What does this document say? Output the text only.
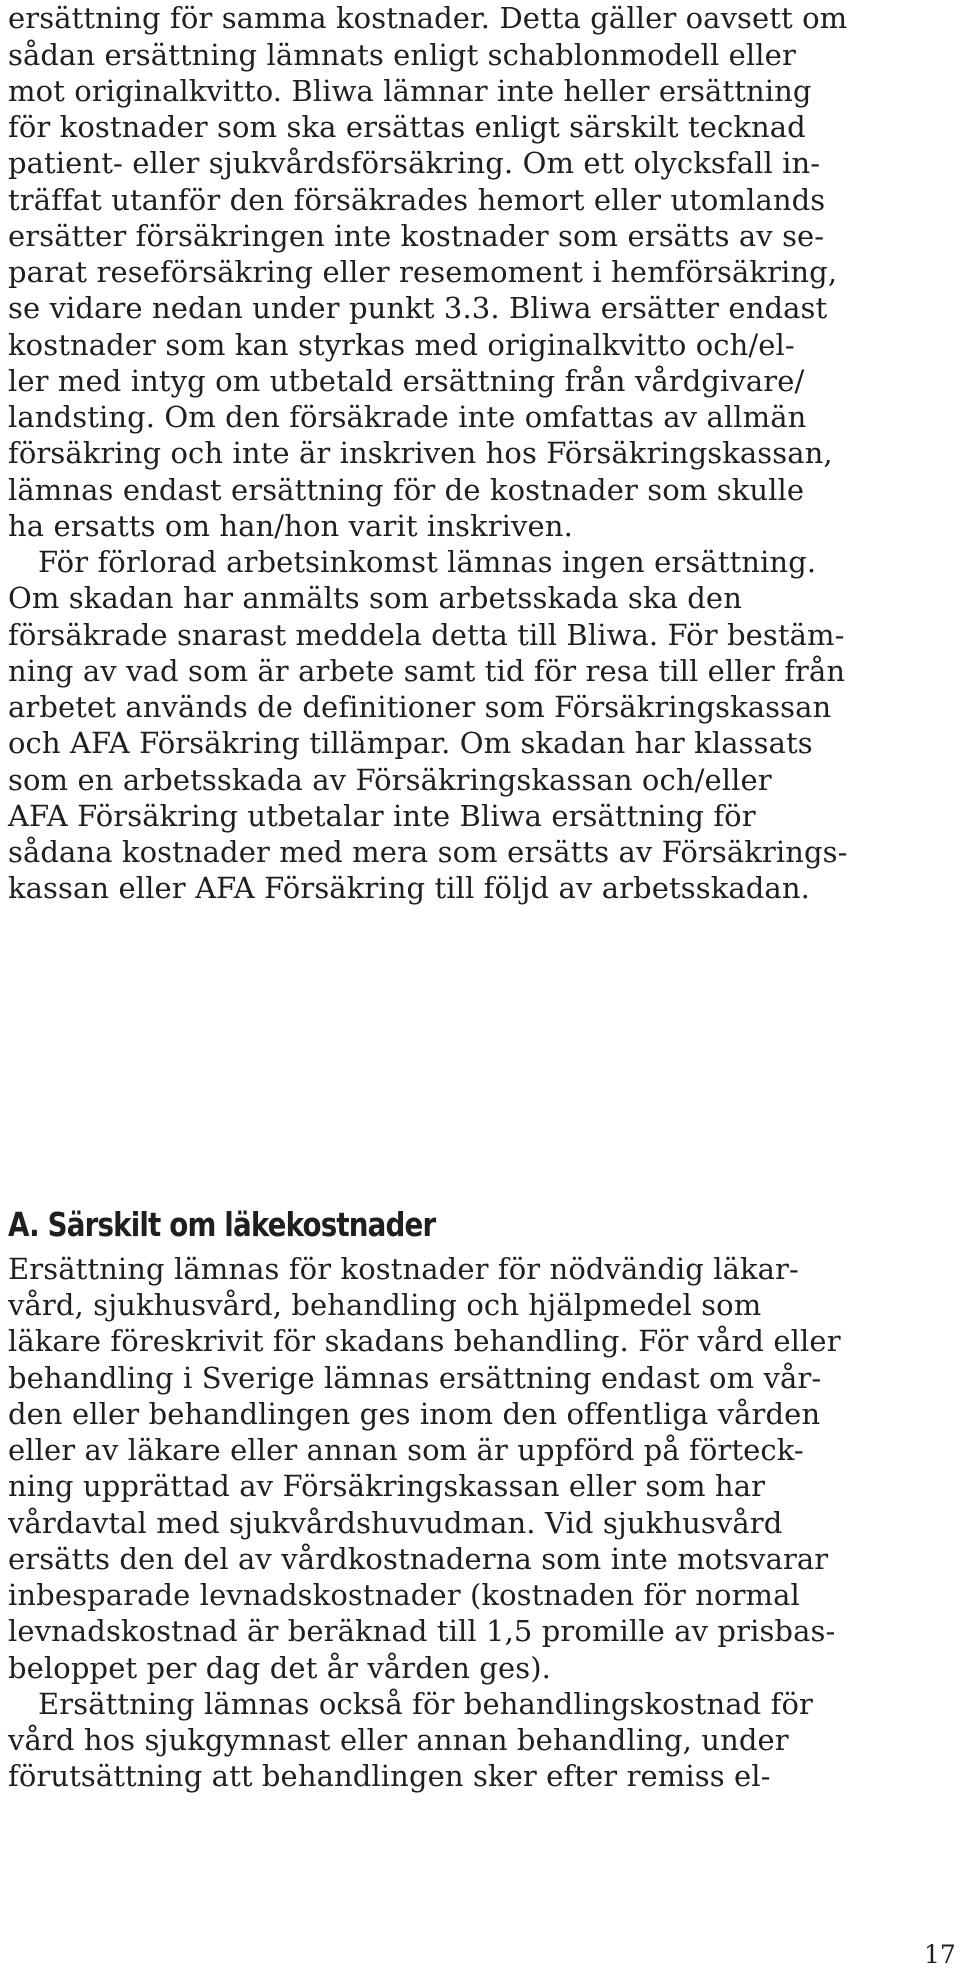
ersättning för samma kostnader. Detta gäller oavsett om
sådan ersättning lämnats enligt schablonmodell eller
mot originalkvitto. Bliwa lämnar inte heller ersättning
för kostnader som ska ersättas enligt särskilt tecknad
patient- eller sjukvårdsförsäkring. Om ett olycksfall in-
träffat utanför den försäkrades hemort eller utomlands
ersätter försäkringen inte kostnader som ersätts av se-
parat reseförsäkring eller resemoment i hemförsäkring,
se vidare nedan under punkt 3.3. Bliwa ersätter endast
kostnader som kan styrkas med originalkvitto och/el-
ler med intyg om utbetald ersättning från vårdgivare/
landsting. Om den försäkrade inte omfattas av allmän
försäkring och inte är inskriven hos Försäkringskassan,
lämnas endast ersättning för de kostnader som skulle
ha ersatts om han/hon varit inskriven.
För förlorad arbetsinkomst lämnas ingen ersättning.
Om skadan har anmälts som arbetsskada ska den
försäkrade snarast meddela detta till Bliwa. För bestäm-
ning av vad som är arbete samt tid för resa till eller från
arbetet används de definitioner som Försäkringskassan
och AFA Försäkring tillämpar. Om skadan har klassats
som en arbetsskada av Försäkringskassan och/eller
AFA Försäkring utbetalar inte Bliwa ersättning för
sådana kostnader med mera som ersätts av Försäkrings-
kassan eller AFA Försäkring till följd av arbetsskadan.
A. Särskilt om läkekostnader
Ersättning lämnas för kostnader för nödvändig läkar-
vård, sjukhusvård, behandling och hjälpmedel som
läkare föreskrivit för skadans behandling. För vård eller
behandling i Sverige lämnas ersättning endast om vår-
den eller behandlingen ges inom den offentliga vården
eller av läkare eller annan som är uppförd på förteck-
ning upprättad av Försäkringskassan eller som har
vårdavtal med sjukvårdshuvudman. Vid sjukhusvård
ersätts den del av vårdkostnaderna som inte motsvarar
inbesparade levnadskostnader (kostnaden för normal
levnadskostnad är beräknad till 1,5 promille av prisbas-
beloppet per dag det år vården ges).
Ersättning lämnas också för behandlingskostnad för
vård hos sjukgymnast eller annan behandling, under
förutsättning att behandlingen sker efter remiss el-
17
